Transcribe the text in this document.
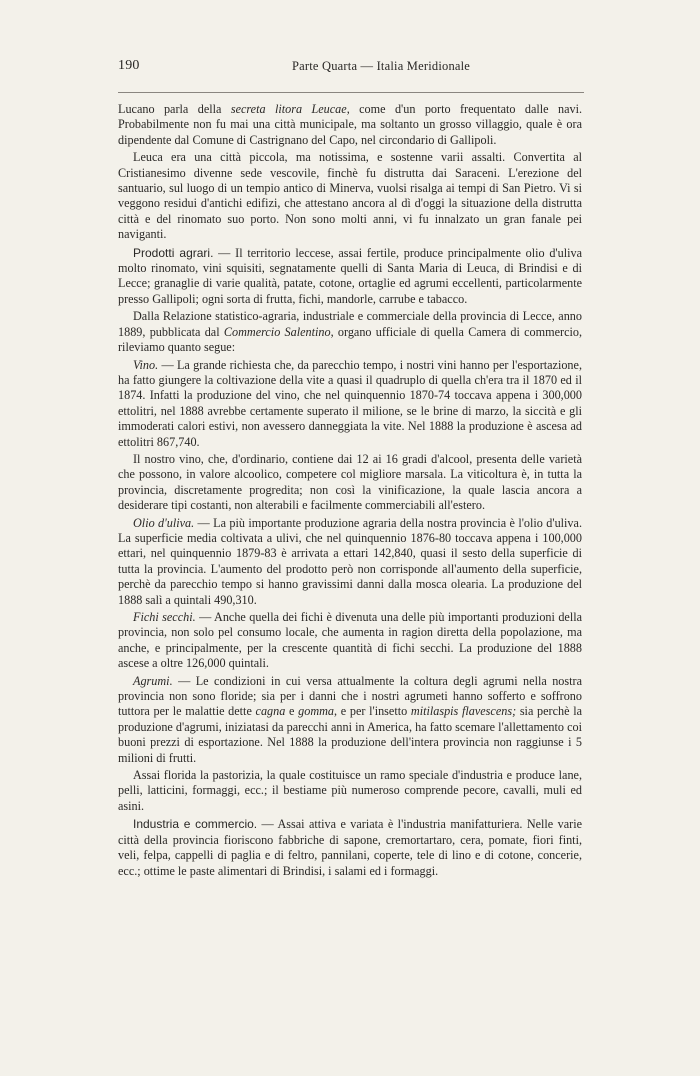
190	Parte Quarta — Italia Meridionale

Lucano parla della secreta litora Leucae, come d'un porto frequentato dalle navi. Probabilmente non fu mai una città municipale, ma soltanto un grosso villaggio, quale è ora dipendente dal Comune di Castrignano del Capo, nel circondario di Gallipoli.

Leuca era una città piccola, ma notissima, e sostenne varii assalti. Convertita al Cristianesimo divenne sede vescovile, finchè fu distrutta dai Saraceni. L'erezione del santuario, sul luogo di un tempio antico di Minerva, vuolsi risalga ai tempi di San Pietro. Vi si veggono residui d'antichi edifizi, che attestano ancora al dì d'oggi la situazione della distrutta città e del rinomato suo porto. Non sono molti anni, vi fu innalzato un gran fanale pei naviganti.

Prodotti agrari. — Il territorio leccese, assai fertile, produce principalmente olio d'uliva molto rinomato, vini squisiti, segnatamente quelli di Santa Maria di Leuca, di Brindisi e di Lecce; granaglie di varie qualità, patate, cotone, ortaglie ed agrumi eccellenti, particolarmente presso Gallipoli; ogni sorta di frutta, fichi, mandorle, carrube e tabacco.

Dalla Relazione statistico-agraria, industriale e commerciale della provincia di Lecce, anno 1889, pubblicata dal Commercio Salentino, organo ufficiale di quella Camera di commercio, rileviamo quanto segue:

Vino. — La grande richiesta che, da parecchio tempo, i nostri vini hanno per l'esportazione, ha fatto giungere la coltivazione della vite a quasi il quadruplo di quella ch'era tra il 1870 ed il 1874. Infatti la produzione del vino, che nel quinquennio 1870-74 toccava appena i 300,000 ettolitri, nel 1888 avrebbe certamente superato il milione, se le brine di marzo, la siccità e gli immoderati calori estivi, non avessero danneggiata la vite. Nel 1888 la produzione è ascesa ad ettolitri 867,740.

Il nostro vino, che, d'ordinario, contiene dai 12 ai 16 gradi d'alcool, presenta delle varietà che possono, in valore alcoolico, competere col migliore marsala. La viticoltura è, in tutta la provincia, discretamente progredita; non così la vinificazione, la quale lascia ancora a desiderare tipi costanti, non alterabili e facilmente commerciabili all'estero.

Olio d'uliva. — La più importante produzione agraria della nostra provincia è l'olio d'uliva. La superficie media coltivata a ulivi, che nel quinquennio 1876-80 toccava appena i 100,000 ettari, nel quinquennio 1879-83 è arrivata a ettari 142,840, quasi il sesto della superficie di tutta la provincia. L'aumento del prodotto però non corrisponde all'aumento della superficie, perchè da parecchio tempo si hanno gravissimi danni dalla mosca olearia. La produzione del 1888 salì a quintali 490,310.

Fichi secchi. — Anche quella dei fichi è divenuta una delle più importanti produzioni della provincia, non solo pel consumo locale, che aumenta in ragion diretta della popolazione, ma anche, e principalmente, per la crescente quantità di fichi secchi. La produzione del 1888 ascese a oltre 126,000 quintali.

Agrumi. — Le condizioni in cui versa attualmente la coltura degli agrumi nella nostra provincia non sono floride; sia per i danni che i nostri agrumeti hanno sofferto e soffrono tuttora per le malattie dette cagna e gomma, e per l'insetto mitilaspis flavescens; sia perchè la produzione d'agrumi, iniziatasi da parecchi anni in America, ha fatto scemare l'allettamento coi buoni prezzi di esportazione. Nel 1888 la produzione dell'intera provincia non raggiunse i 5 milioni di frutti.

Assai florida la pastorizia, la quale costituisce un ramo speciale d'industria e produce lane, pelli, latticini, formaggi, ecc.; il bestiame più numeroso comprende pecore, cavalli, muli ed asini.

Industria e commercio. — Assai attiva e variata è l'industria manifatturiera. Nelle varie città della provincia fioriscono fabbriche di sapone, cremortartaro, cera, pomate, fiori finti, veli, felpa, cappelli di paglia e di feltro, pannilani, coperte, tele di lino e di cotone, concerie, ecc.; ottime le paste alimentari di Brindisi, i salami ed i formaggi.
